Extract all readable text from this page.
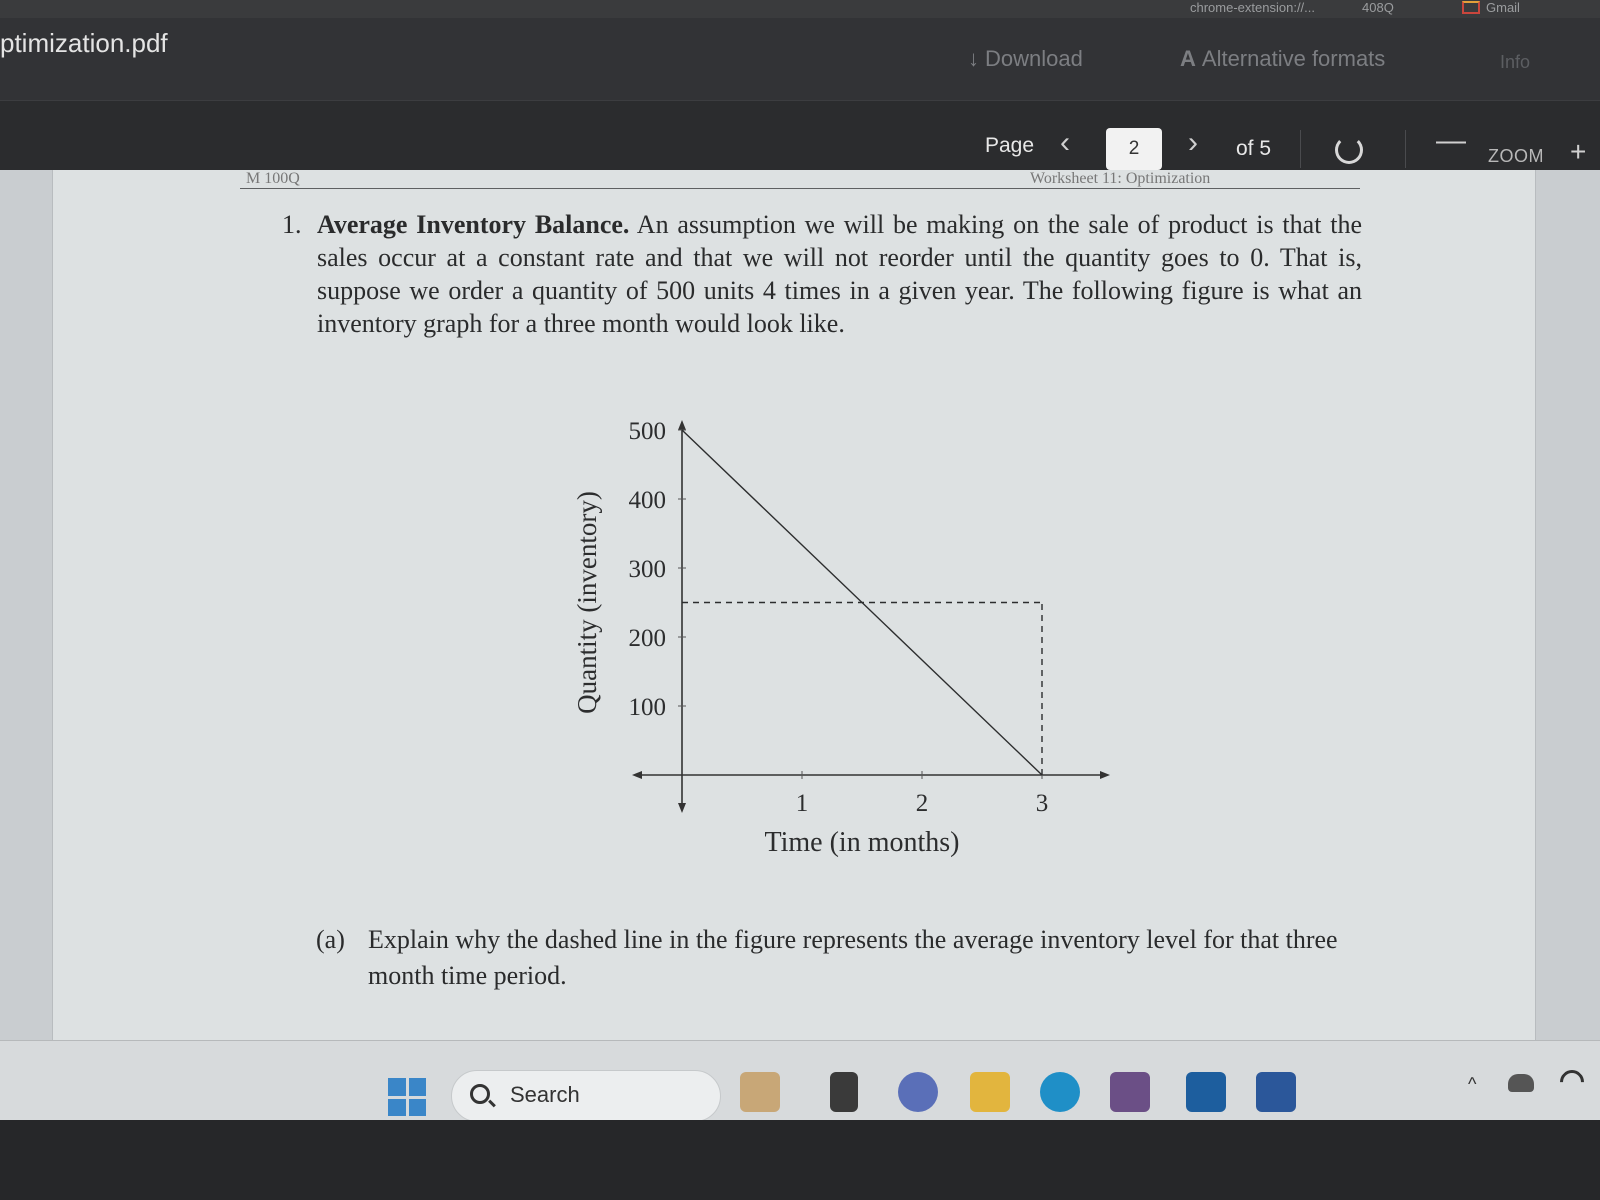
chrome-extension://...	408Q	Gmail
ptimization.pdf
↓ Download	A Alternative formats	Info
Page ‹	2	› of 5	— ZOOM +
M 100Q	Worksheet 11: Optimization
1. Average Inventory Balance. An assumption we will be making on the sale of product is that the sales occur at a constant rate and that we will not reorder until the quantity goes to 0. That is, suppose we order a quantity of 500 units 4 times in a given year. The following figure is what an inventory graph for a three month would look like.
100
200
300
400
500
1	2	3
Time (in months)
Quantity (inventory)
(a) Explain why the dashed line in the figure represents the average inventory level for that three month time period.
Search	^
